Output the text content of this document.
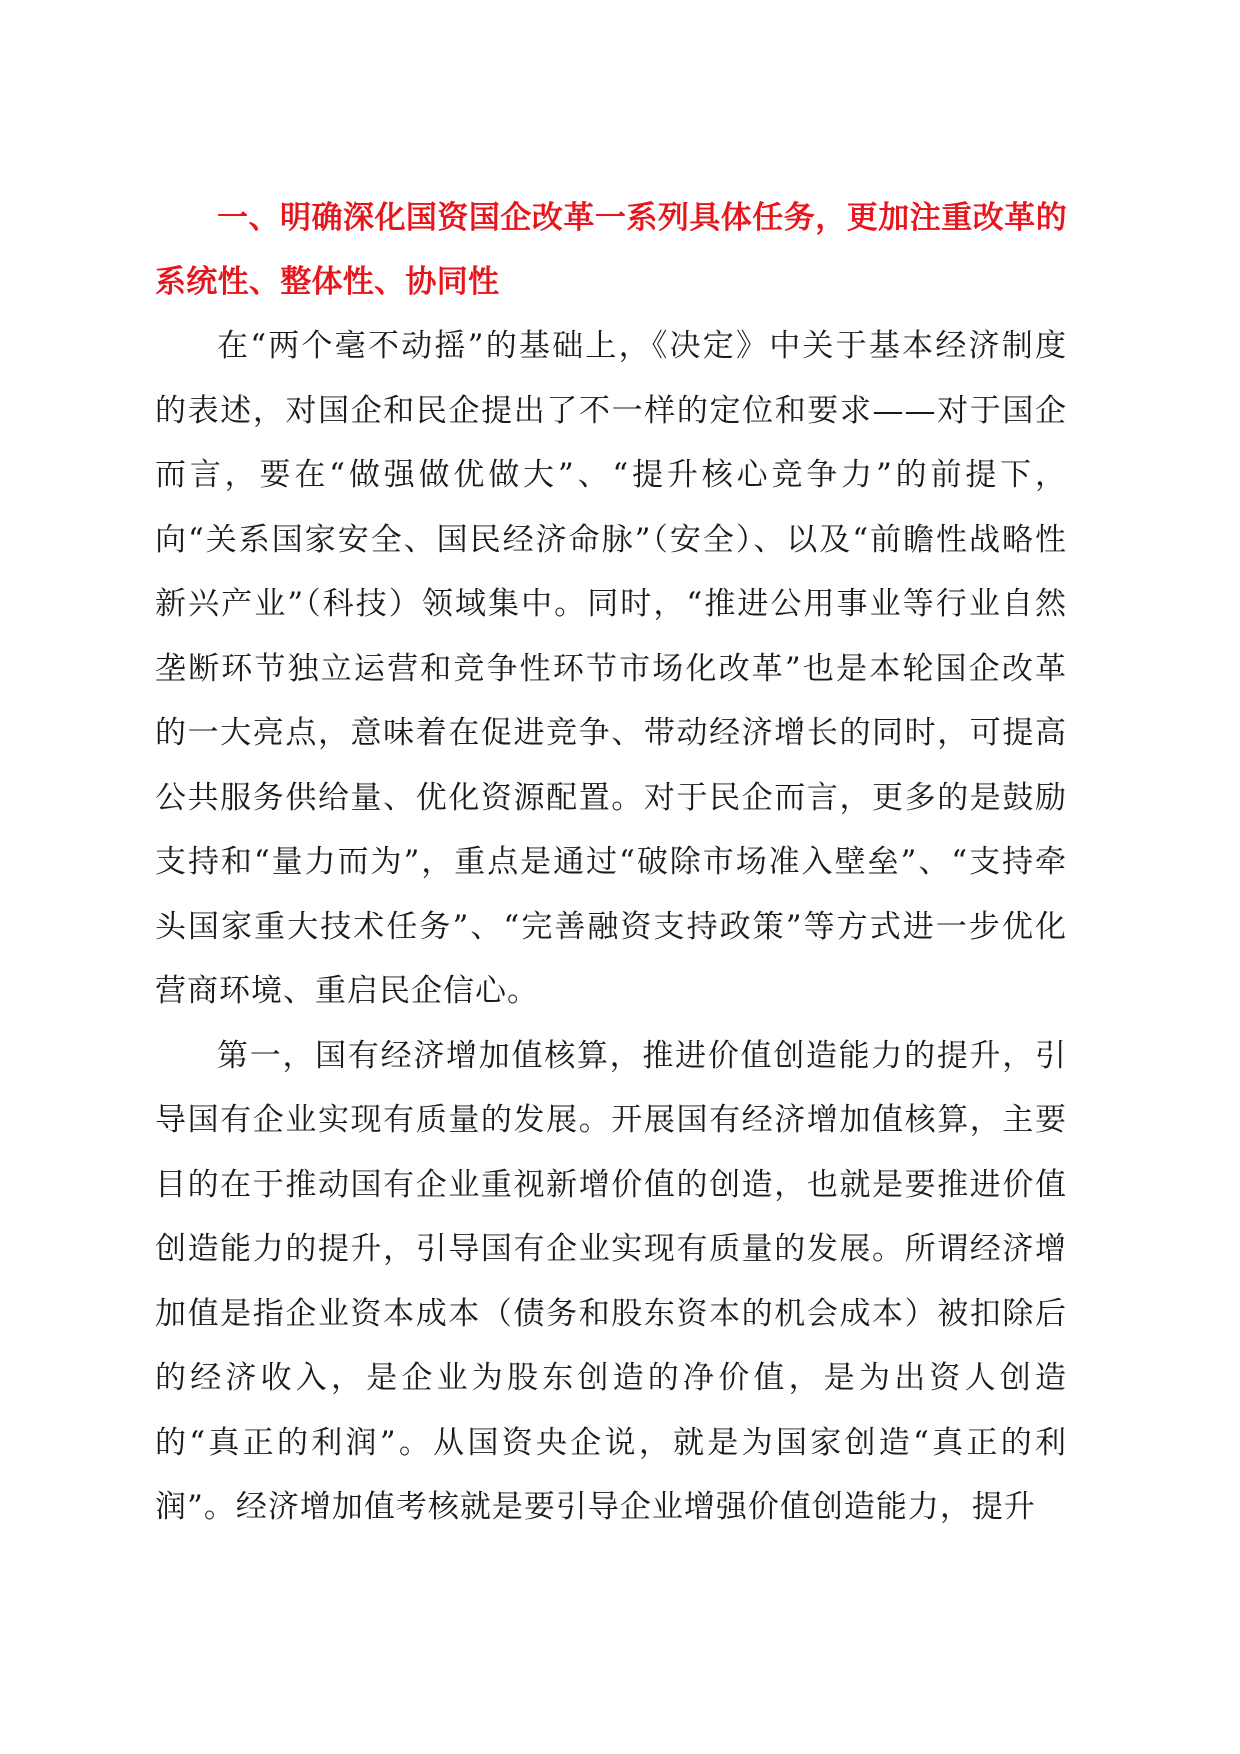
一、明确深化国资国企改革一系列具体任务，更加注重改革的系统性、整体性、协同性

在“两个毫不动摇”的基础上，《决定》中关于基本经济制度的表述，对国企和民企提出了不一样的定位和要求——对于国企而言，要在“做强做优做大”、“提升核心竞争力”的前提下，向“关系国家安全、国民经济命脉”（安全）、以及“前瞻性战略性新兴产业”（科技）领域集中。同时，“推进公用事业等行业自然垄断环节独立运营和竞争性环节市场化改革”也是本轮国企改革的一大亮点，意味着在促进竞争、带动经济增长的同时，可提高公共服务供给量、优化资源配置。对于民企而言，更多的是鼓励支持和“量力而为”，重点是通过“破除市场准入壁垒”、“支持牵头国家重大技术任务”、“完善融资支持政策”等方式进一步优化营商环境、重启民企信心。

第一，国有经济增加值核算，推进价值创造能力的提升，引导国有企业实现有质量的发展。开展国有经济增加值核算，主要目的在于推动国有企业重视新增价值的创造，也就是要推进价值创造能力的提升，引导国有企业实现有质量的发展。所谓经济增加值是指企业资本成本（债务和股东资本的机会成本）被扣除后的经济收入，是企业为股东创造的净价值，是为出资人创造的“真正的利润”。从国资央企说，就是为国家创造“真正的利润”。经济增加值考核就是要引导企业增强价值创造能力，提升
